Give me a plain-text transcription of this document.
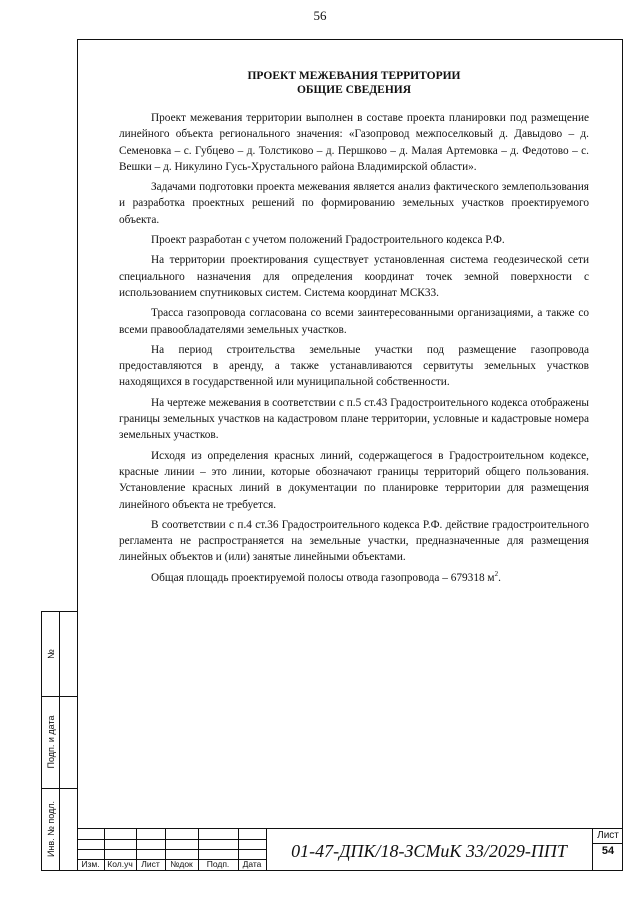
56
ПРОЕКТ МЕЖЕВАНИЯ ТЕРРИТОРИИ
ОБЩИЕ СВЕДЕНИЯ

Проект межевания территории выполнен в составе проекта планировки под размещение линейного объекта регионального значения: «Газопровод межпоселковый д. Давыдово – д. Семеновка – с. Губцево – д. Толстиково – д. Першково – д. Малая Артемовка – д. Федотово – с. Вешки – д. Никулино Гусь-Хрустального района Владимирской области».

Задачами подготовки проекта межевания является анализ фактического землепользования и разработка проектных решений по формированию земельных участков проектируемого объекта.

Проект разработан с учетом положений Градостроительного кодекса Р.Ф.

На территории проектирования существует установленная система геодезической сети специального назначения для определения координат точек земной поверхности с использованием спутниковых систем. Система координат МСК33.

Трасса газопровода согласована со всеми заинтересованными организациями, а также со всеми правообладателями земельных участков.

На период строительства земельные участки под размещение газопровода предоставляются в аренду, а также устанавливаются сервитуты земельных участков находящихся в государственной или муниципальной собственности.

На чертеже межевания в соответствии с п.5 ст.43 Градостроительного кодекса отображены границы земельных участков на кадастровом плане территории, условные и кадастровые номера земельных участков.

Исходя из определения красных линий, содержащегося в Градостроительном кодексе, красные линии – это линии, которые обозначают границы территорий общего пользования. Установление красных линий в документации по планировке территории для размещения линейного объекта не требуется.

В соответствии с п.4 ст.36 Градостроительного кодекса Р.Ф. действие градостроительного регламента не распространяется на земельные участки, предназначенные для размещения линейных объектов и (или) занятые линейными объектами.

Общая площадь проектируемой полосы отвода газопровода – 679318 $м^2$.

№
Подп. и дата
Инв. № подл.
Изм. Кол.уч	Лист	№док	Подп.	Дата
01-47-ДПК/18-ЗСМиК 33/2029-ППТ
Лист
54
